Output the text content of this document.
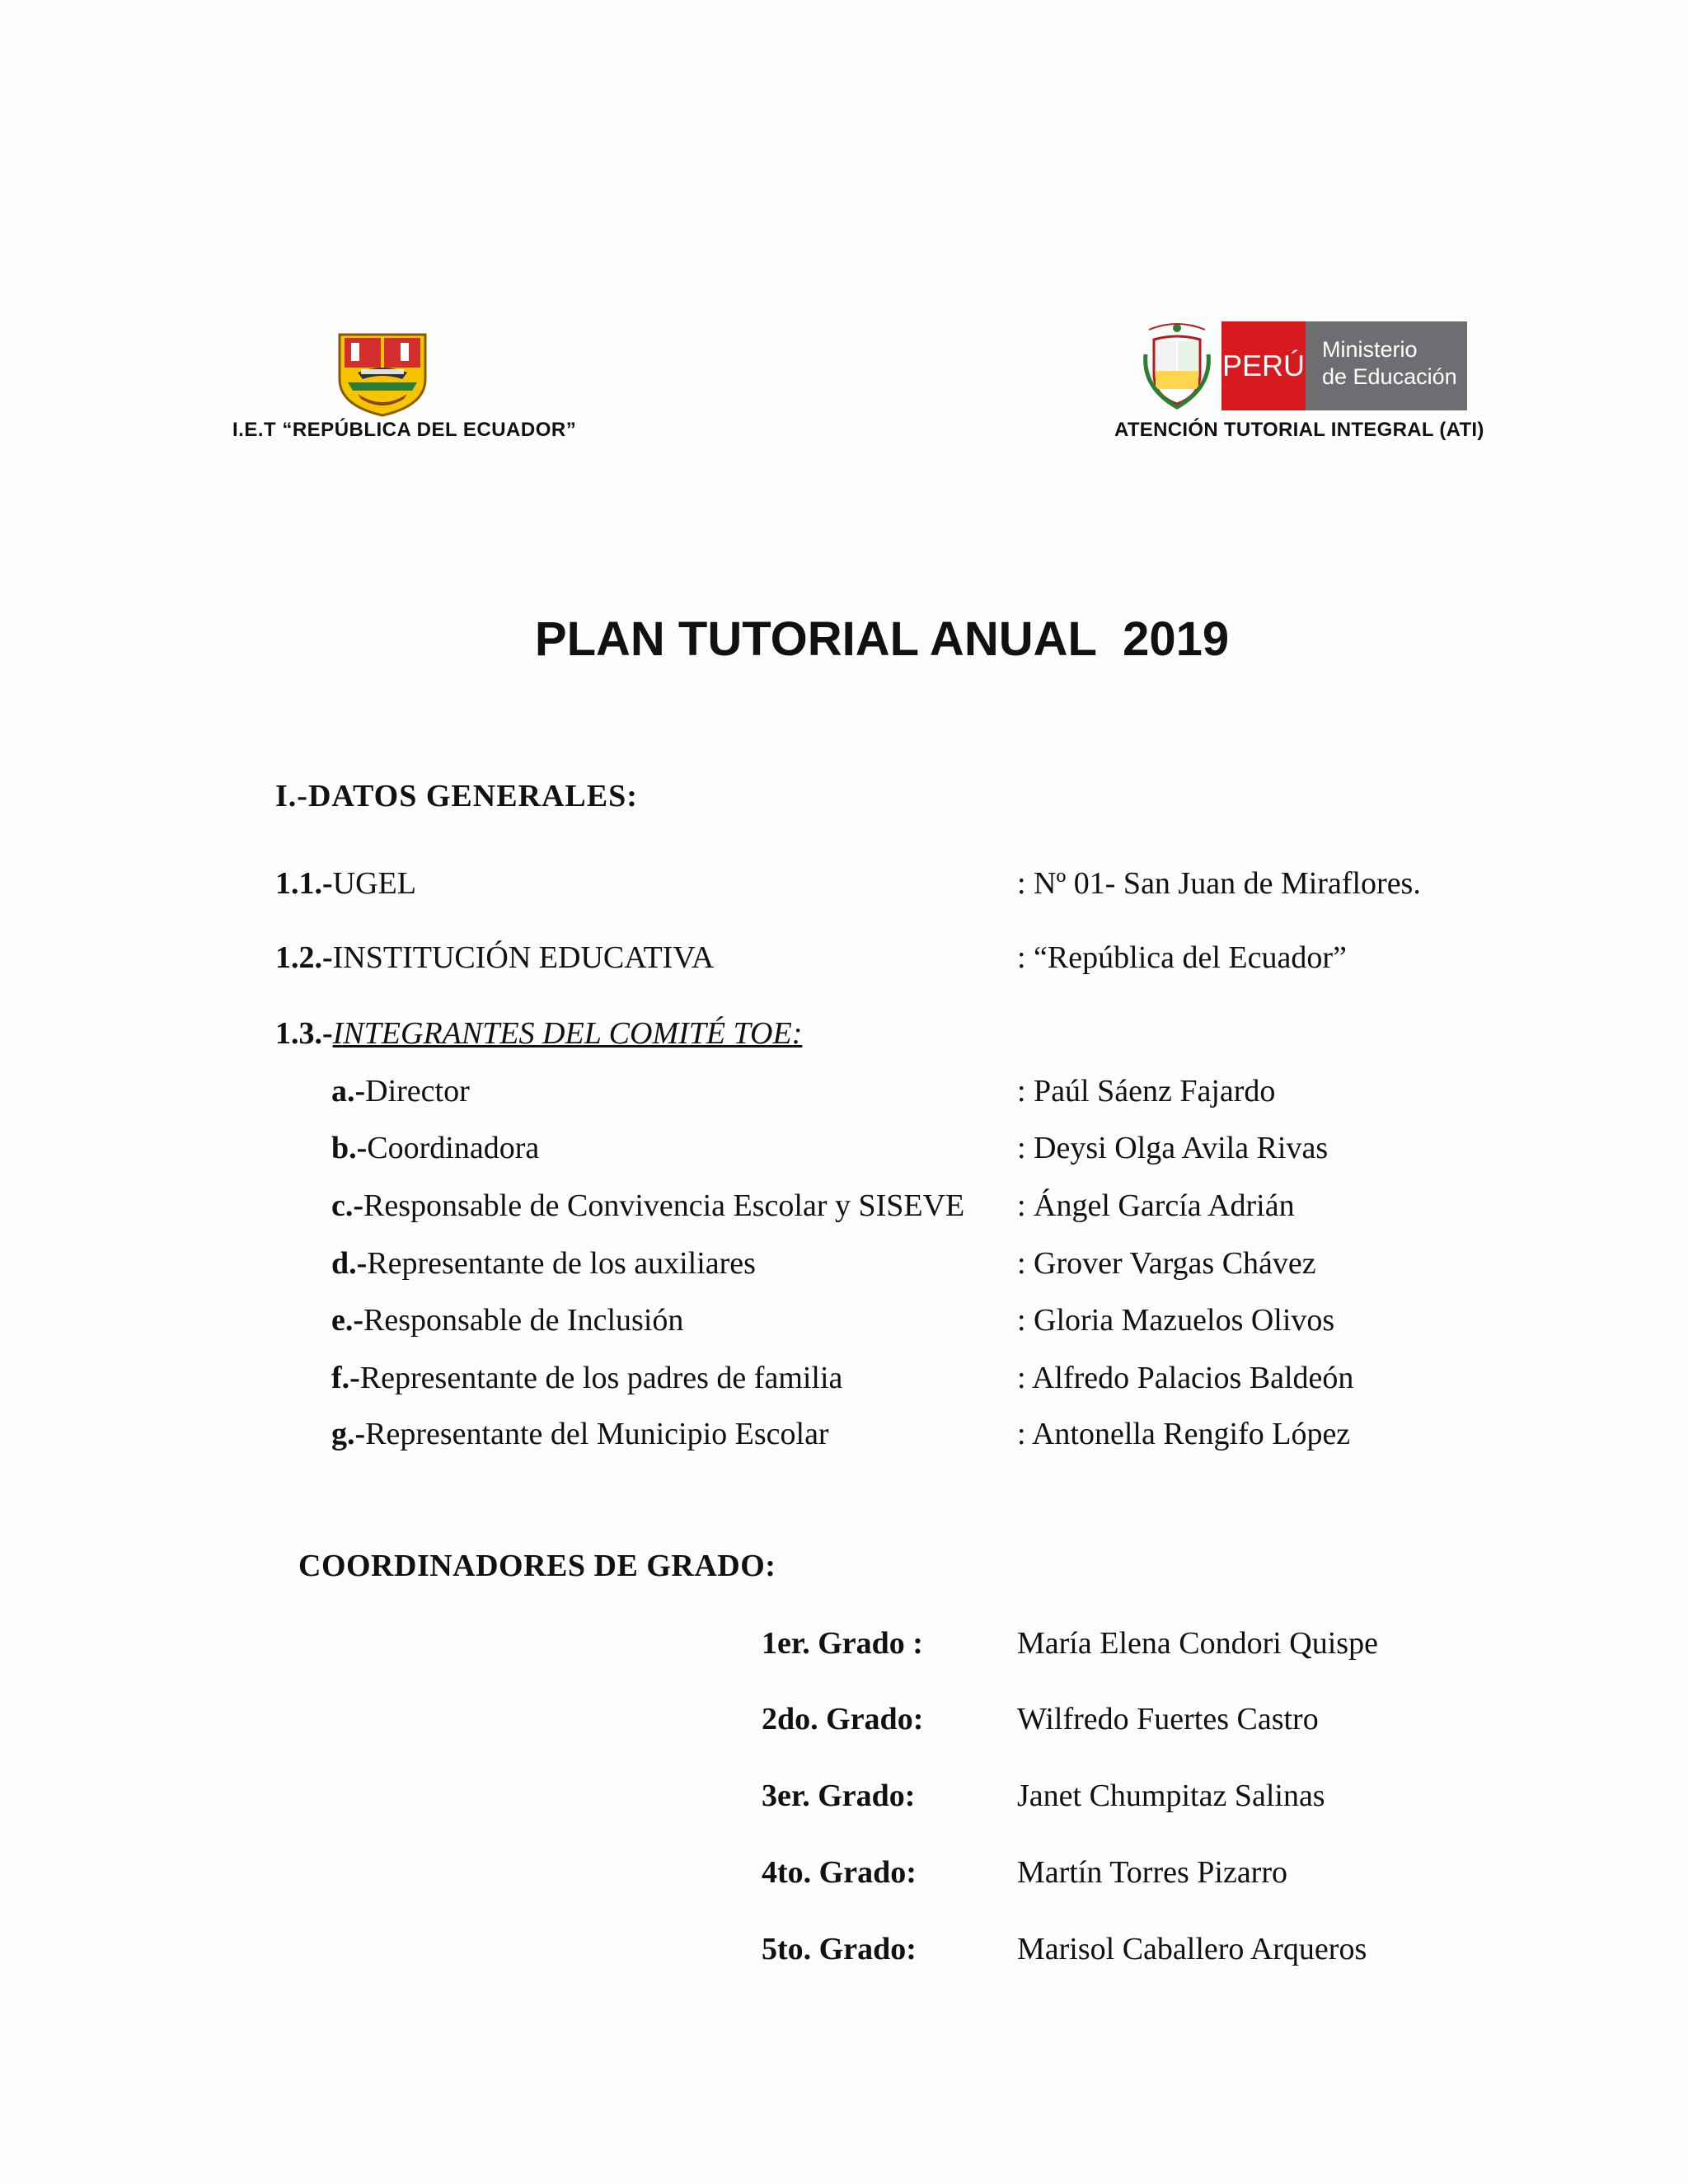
I.E.T “REPÚBLICA DEL ECUADOR”
PERÚ Ministerio
de Educación
ATENCIÓN TUTORIAL INTEGRAL (ATI)
PLAN TUTORIAL ANUAL  2019
I.-DATOS GENERALES:
1.1.-UGEL	: Nº 01- San Juan de Miraflores.
1.2.-INSTITUCIÓN EDUCATIVA	: “República del Ecuador”
1.3.-INTEGRANTES DEL COMITÉ TOE:
a.-Director	: Paúl Sáenz Fajardo
b.-Coordinadora	: Deysi Olga Avila Rivas
c.-Responsable de Convivencia Escolar y SISEVE : Ángel García Adrián
d.-Representante de los auxiliares	: Grover Vargas Chávez
e.-Responsable de Inclusión	: Gloria Mazuelos Olivos
f.-Representante de los padres de familia	: Alfredo Palacios Baldeón
g.-Representante del Municipio Escolar	: Antonella Rengifo López
COORDINADORES DE GRADO:
1er. Grado :	María Elena Condori Quispe
2do. Grado:	Wilfredo Fuertes Castro
3er. Grado:	Janet Chumpitaz Salinas
4to. Grado:	Martín Torres Pizarro
5to. Grado:	Marisol Caballero Arqueros
